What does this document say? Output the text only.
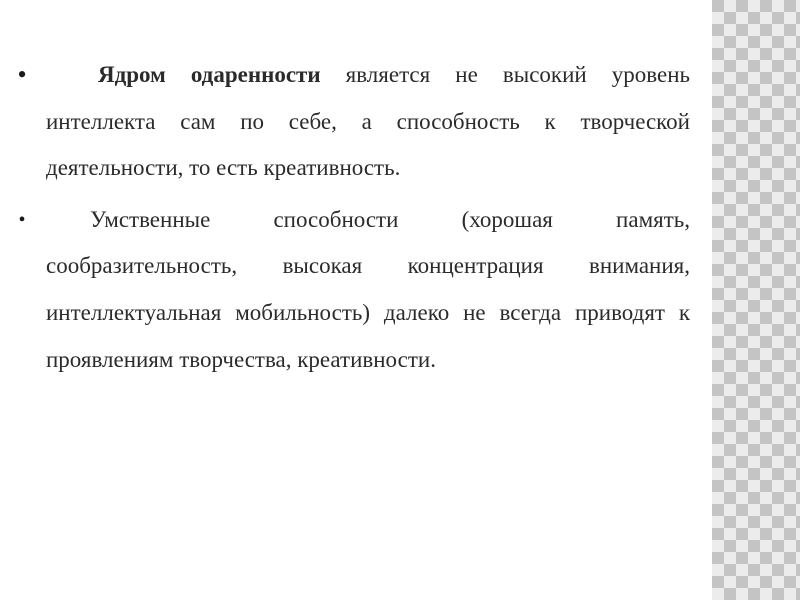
•	Ядром одаренности является не высокий уровень интеллекта сам по себе, а способность к творческой деятельности, то есть креативность.

•	Умственные способности (хорошая память, сообразительность, высокая концентрация внимания, интеллектуальная мобильность) далеко не всегда приводят к проявлениям творчества, креативности.
